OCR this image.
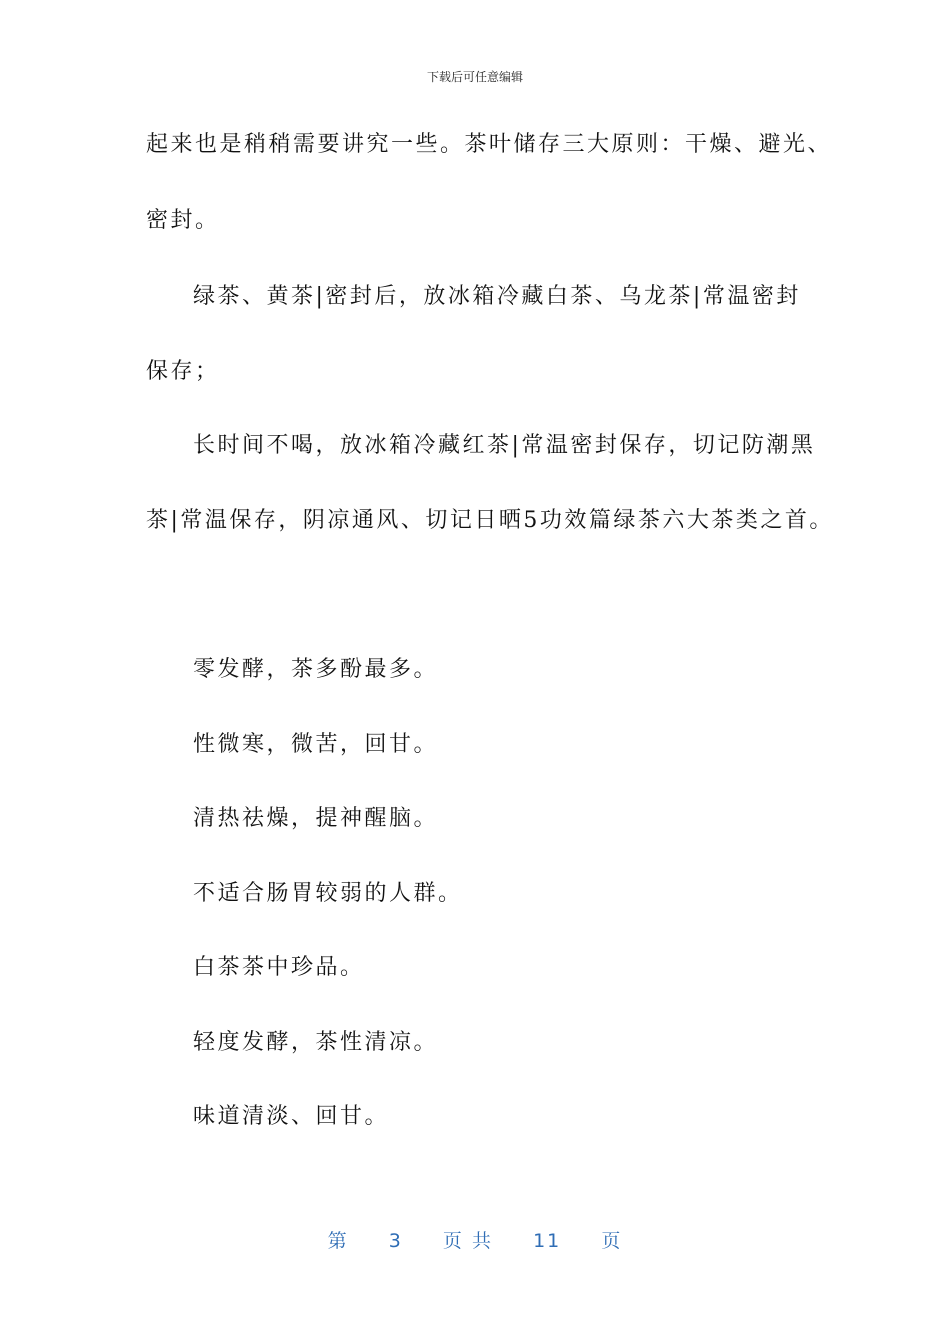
下载后可任意编辑
起来也是稍稍需要讲究一些。茶叶储存三大原则：干燥、避光、
密封。
绿茶、黄茶|密封后，放冰箱冷藏白茶、乌龙茶|常温密封
保存；
长时间不喝，放冰箱冷藏红茶|常温密封保存，切记防潮黑
茶|常温保存，阴凉通风、切记日晒5功效篇绿茶六大茶类之首。
零发酵，茶多酚最多。
性微寒，微苦，回甘。
清热祛燥，提神醒脑。
不适合肠胃较弱的人群。
白茶茶中珍品。
轻度发酵，茶性清凉。
味道清淡、回甘。
第 3 页 共 11 页
